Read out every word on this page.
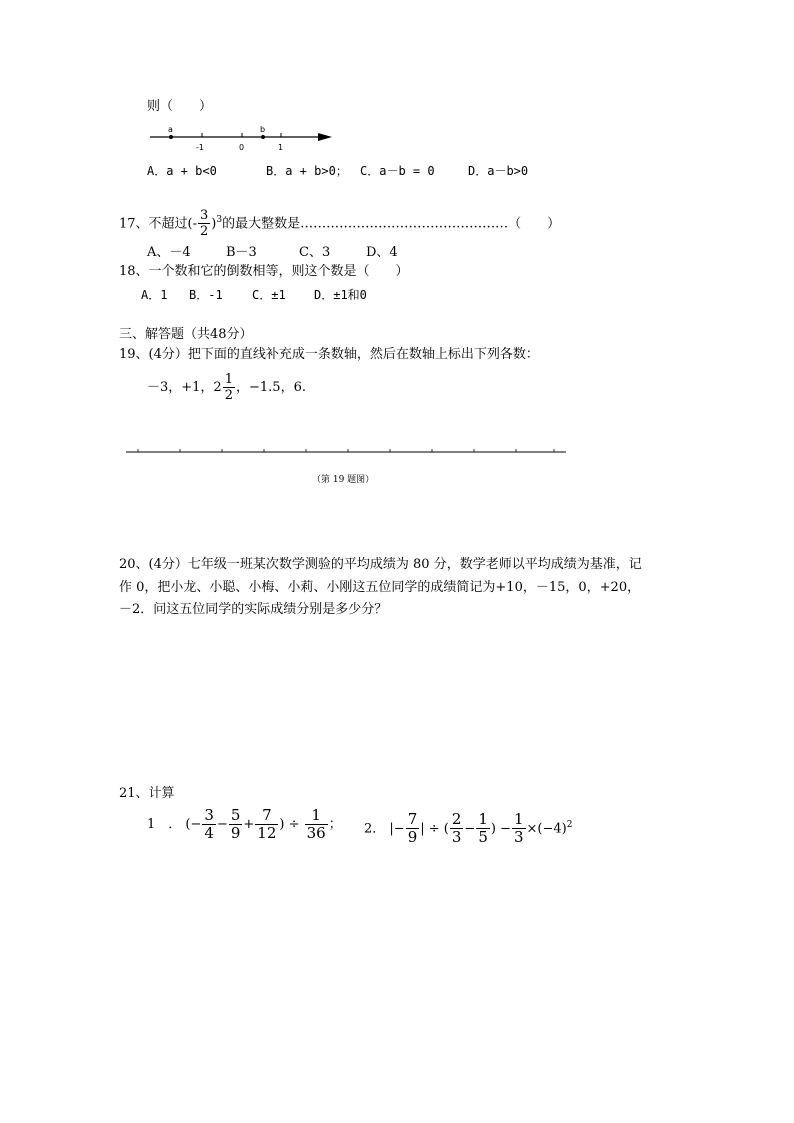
则（　　）
a	b
-1	0	1
A．a + b<0	B．a + b>0； C．a－b = 0	D．a－b>0
17、不超过(- $\frac{3}{2} )^3$的最大整数是…………………………………………（　　）
A、－4	B－3	C、3	D、4
18、一个数和它的倒数相等，则这个数是（　　）
A．1 B．-1 C．±1 D．±1和0
三、解答题（共48分）
19、(4分）把下面的直线补充成一条数轴，然后在数轴上标出下列各数：
－3，+1，$2 \frac{1}{2}$ ，−1.5，6.
（第 19 题图）
20、(4分）七年级一班某次数学测验的平均成绩为 80 分，数学老师以平均成绩为基准，记
作 0，把小龙、小聪、小梅、小莉、小刚这五位同学的成绩简记为+10，－15，0，+20，
－2．问这五位同学的实际成绩分别是多少分？
21、计算
1　． (− $\frac{3}{4} - \frac{5}{9} + \frac{7}{12}$ ) ÷ $\frac{1}{36}$ ； 2． |− $\frac{7}{9}$ | ÷ ( $\frac{2}{3} - \frac{1}{5}$ ) − $\frac{1}{3} \times(-4)^2$
